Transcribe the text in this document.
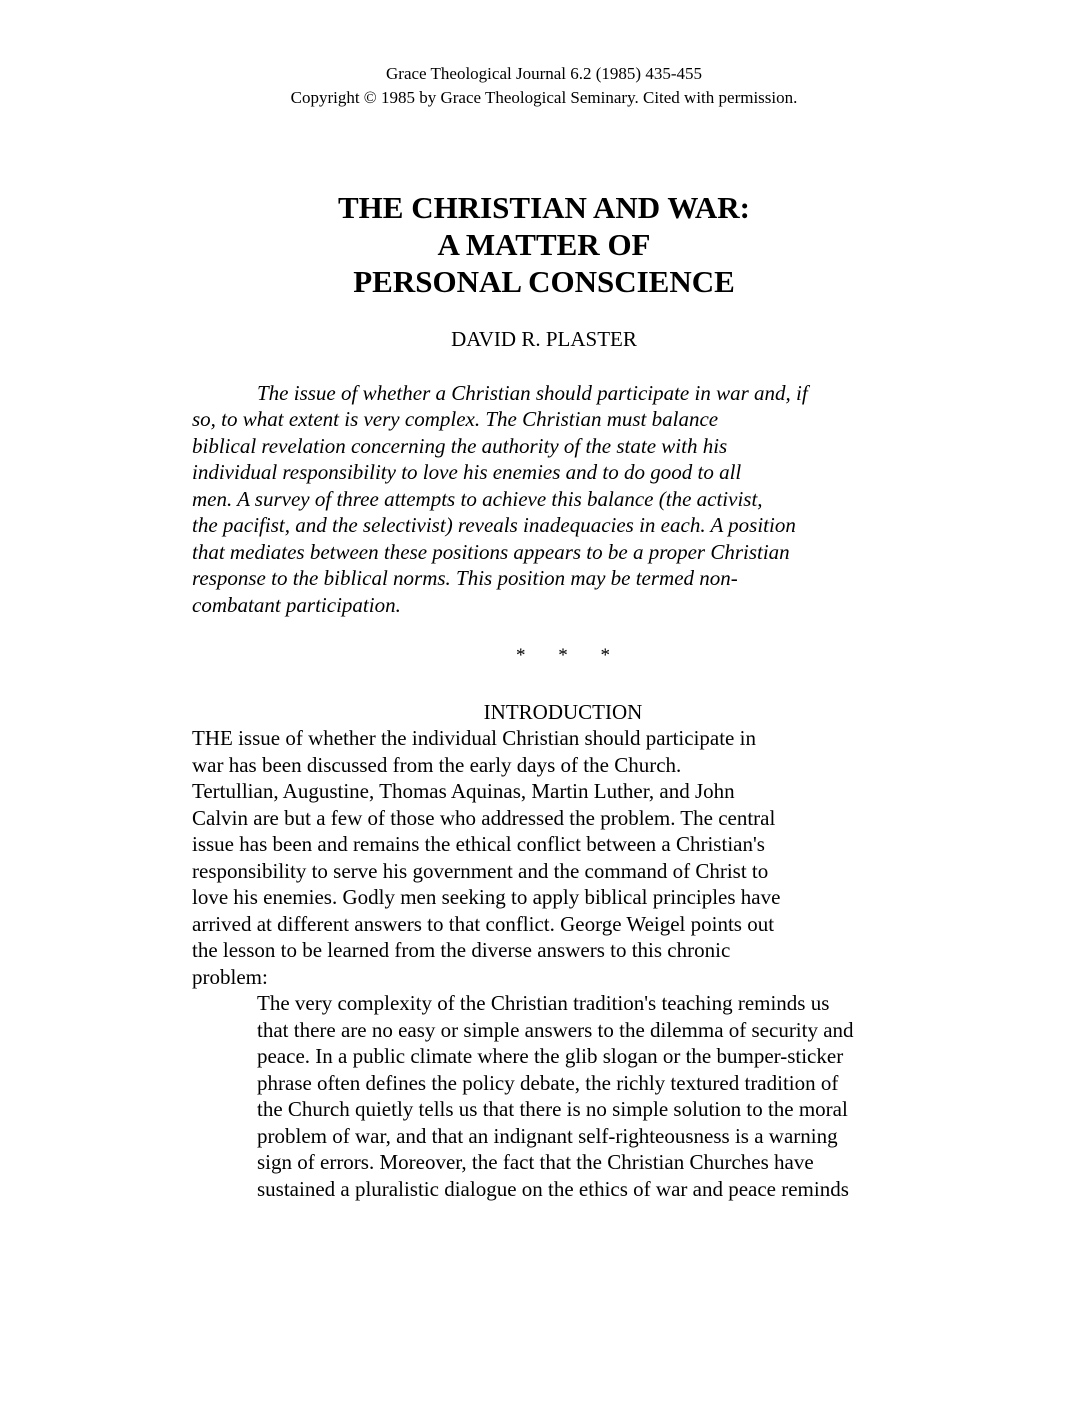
Grace Theological Journal 6.2 (1985) 435-455
Copyright © 1985 by Grace Theological Seminary. Cited with permission.
THE CHRISTIAN AND WAR:
A MATTER OF
PERSONAL CONSCIENCE
DAVID R. PLASTER
The issue of whether a Christian should participate in war and, if
so, to what extent is very complex. The Christian must balance
biblical revelation concerning the authority of the state with his
individual responsibility to love his enemies and to do good to all
men. A survey of three attempts to achieve this balance (the activist,
the pacifist, and the selectivist) reveals inadequacies in each. A position
that mediates between these positions appears to be a proper Christian
response to the biblical norms. This position may be termed non-
combatant participation.
* * *
INTRODUCTION
THE issue of whether the individual Christian should participate in
war has been discussed from the early days of the Church.
Tertullian, Augustine, Thomas Aquinas, Martin Luther, and John
Calvin are but a few of those who addressed the problem. The central
issue has been and remains the ethical conflict between a Christian's
responsibility to serve his government and the command of Christ to
love his enemies. Godly men seeking to apply biblical principles have
arrived at different answers to that conflict. George Weigel points out
the lesson to be learned from the diverse answers to this chronic
problem:
The very complexity of the Christian tradition's teaching reminds us
that there are no easy or simple answers to the dilemma of security and
peace. In a public climate where the glib slogan or the bumper-sticker
phrase often defines the policy debate, the richly textured tradition of
the Church quietly tells us that there is no simple solution to the moral
problem of war, and that an indignant self-righteousness is a warning
sign of errors. Moreover, the fact that the Christian Churches have
sustained a pluralistic dialogue on the ethics of war and peace reminds
